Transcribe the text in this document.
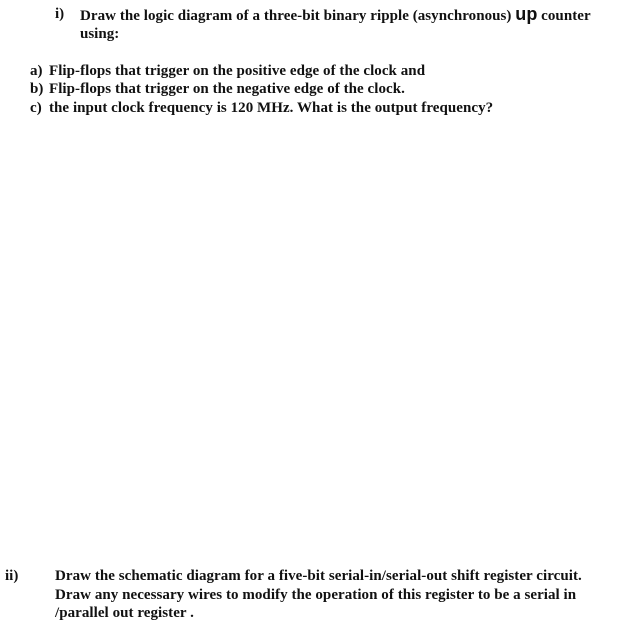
i) Draw the logic diagram of a three-bit binary ripple (asynchronous) up counter
using:
a) Flip-flops that trigger on the positive edge of the clock and
b) Flip-flops that trigger on the negative edge of the clock.
c) the input clock frequency is 120 MHz. What is the output frequency?
ii) Draw the schematic diagram for a five-bit serial-in/serial-out shift register circuit.
Draw any necessary wires to modify the operation of this register to be a serial in
/parallel out register .
